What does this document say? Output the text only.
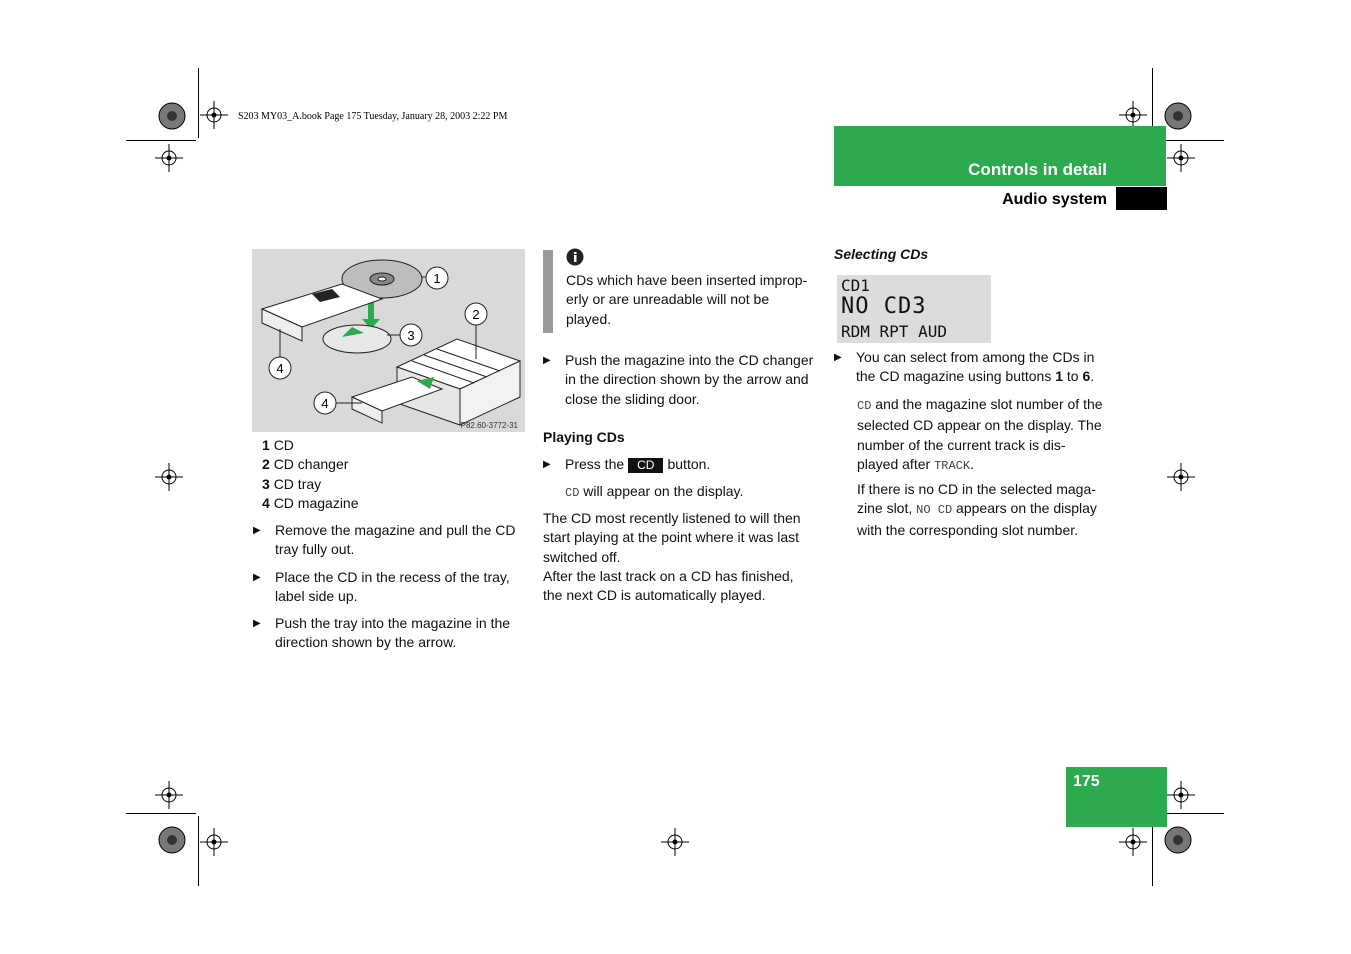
S203 MY03_A.book Page 175 Tuesday, January 28, 2003 2:22 PM
Controls in detail
Audio system
1
2
3
4
4
P82.60-3772-31
1 CD
2 CD changer
3 CD tray
4 CD magazine
▶ Remove the magazine and pull the CD
tray fully out.
▶ Place the CD in the recess of the tray,
label side up.
▶ Push the tray into the magazine in the
direction shown by the arrow.
CDs which have been inserted improp-
erly or are unreadable will not be
played.
▶ Push the magazine into the CD changer
in the direction shown by the arrow and
close the sliding door.
Playing CDs
▶ Press the CD button.
CD will appear on the display.
The CD most recently listened to will then
start playing at the point where it was last
switched off.
After the last track on a CD has finished,
the next CD is automatically played.
Selecting CDs
CD1
NO CD3
RDM RPT AUD
▶ You can select from among the CDs in
the CD magazine using buttons 1 to 6.
CD and the magazine slot number of the
selected CD appear on the display. The
number of the current track is dis-
played after TRACK.
If there is no CD in the selected maga-
zine slot, NO CD appears on the display
with the corresponding slot number.
175
